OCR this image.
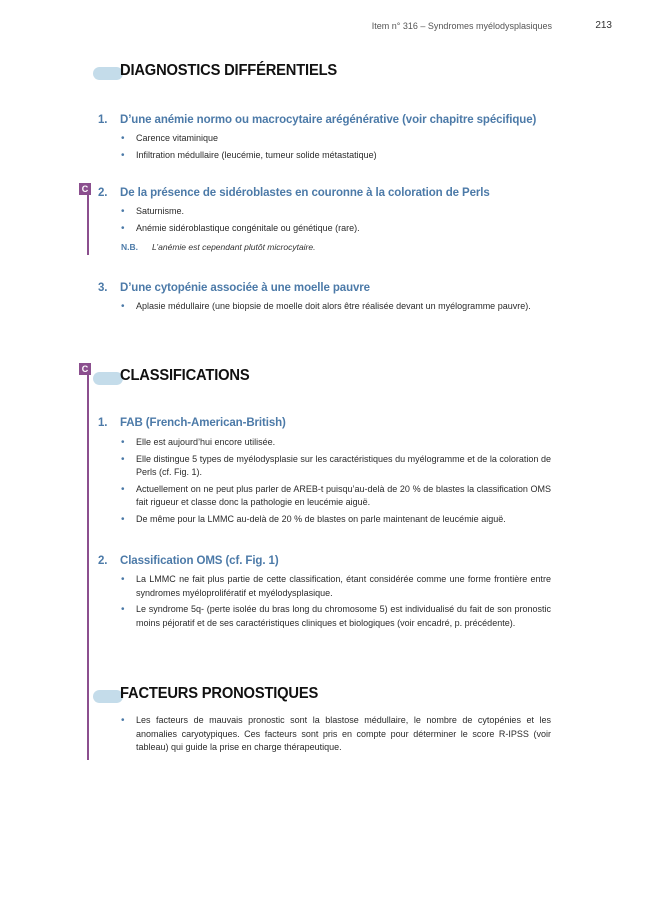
Item n° 316 – Syndromes myélodysplasiques	213
C
C
DIAGNOSTICS DIFFÉRENTIELS
1. D’une anémie normo ou macrocytaire arégénérative (voir chapitre spécifique)
• Carence vitaminique
• Infiltration médullaire (leucémie, tumeur solide métastatique)
2. De la présence de sidéroblastes en couronne à la coloration de Perls
• Saturnisme.
• Anémie sidéroblastique congénitale ou génétique (rare).
N.B. L’anémie est cependant plutôt microcytaire.
3. D’une cytopénie associée à une moelle pauvre
• Aplasie médullaire (une biopsie de moelle doit alors être réalisée devant un myélogramme pauvre).
CLASSIFICATIONS
1. FAB (French-American-British)
• Elle est aujourd’hui encore utilisée.
• Elle distingue 5 types de myélodysplasie sur les caractéristiques du myélogramme et de la coloration de Perls (cf. Fig. 1).
• Actuellement on ne peut plus parler de AREB-t puisqu’au-delà de 20 % de blastes la classification OMS fait rigueur et classe donc la pathologie en leucémie aiguë.
• De même pour la LMMC au-delà de 20 % de blastes on parle maintenant de leucémie aiguë.
2. Classification OMS (cf. Fig. 1)
• La LMMC ne fait plus partie de cette classification, étant considérée comme une forme frontière entre syndromes myéloprolifératif et myélodysplasique.
• Le syndrome 5q- (perte isolée du bras long du chromosome 5) est individualisé du fait de son pronostic moins péjoratif et de ses caractéristiques cliniques et biologiques (voir encadré, p. précédente).
FACTEURS PRONOSTIQUES
• Les facteurs de mauvais pronostic sont la blastose médullaire, le nombre de cytopénies et les anomalies caryotypiques. Ces facteurs sont pris en compte pour déterminer le score R-IPSS (voir tableau) qui guide la prise en charge thérapeutique.
